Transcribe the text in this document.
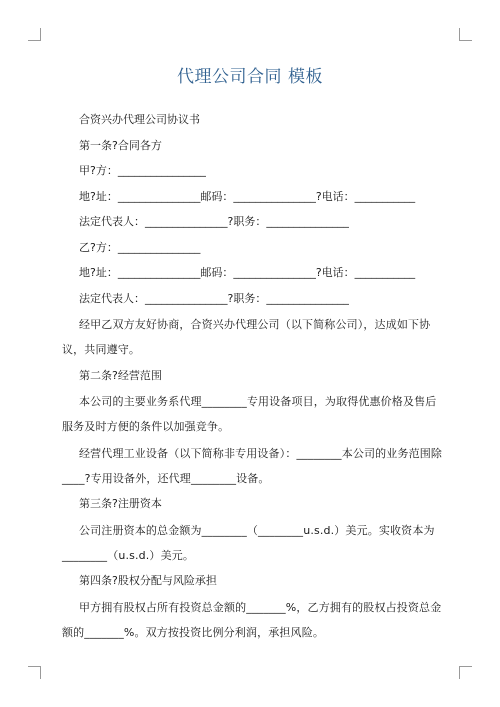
代理公司合同 模板

合资兴办代理公司协议书

第一条?合同各方

甲?方：________________

地?址：_______________邮码：_______________?电话：___________

法定代表人：_______________?职务：_______________

乙?方：_______________

地?址：_______________邮码：_______________?电话：___________

法定代表人：_______________?职务：_______________

经甲乙双方友好协商，合资兴办代理公司（以下简称公司），达成如下协议，共同遵守。

第二条?经营范围

本公司的主要业务系代理________专用设备项目，为取得优惠价格及售后服务及时方便的条件以加强竞争。

经营代理工业设备（以下简称非专用设备）：________本公司的业务范围除____?专用设备外，还代理________设备。

第三条?注册资本

公司注册资本的总金额为________（________u.s.d.）美元。实收资本为________（u.s.d.）美元。

第四条?股权分配与风险承担

甲方拥有股权占所有投资总金额的_______%，乙方拥有的股权占投资总金额的_______%。双方按投资比例分利润，承担风险。
